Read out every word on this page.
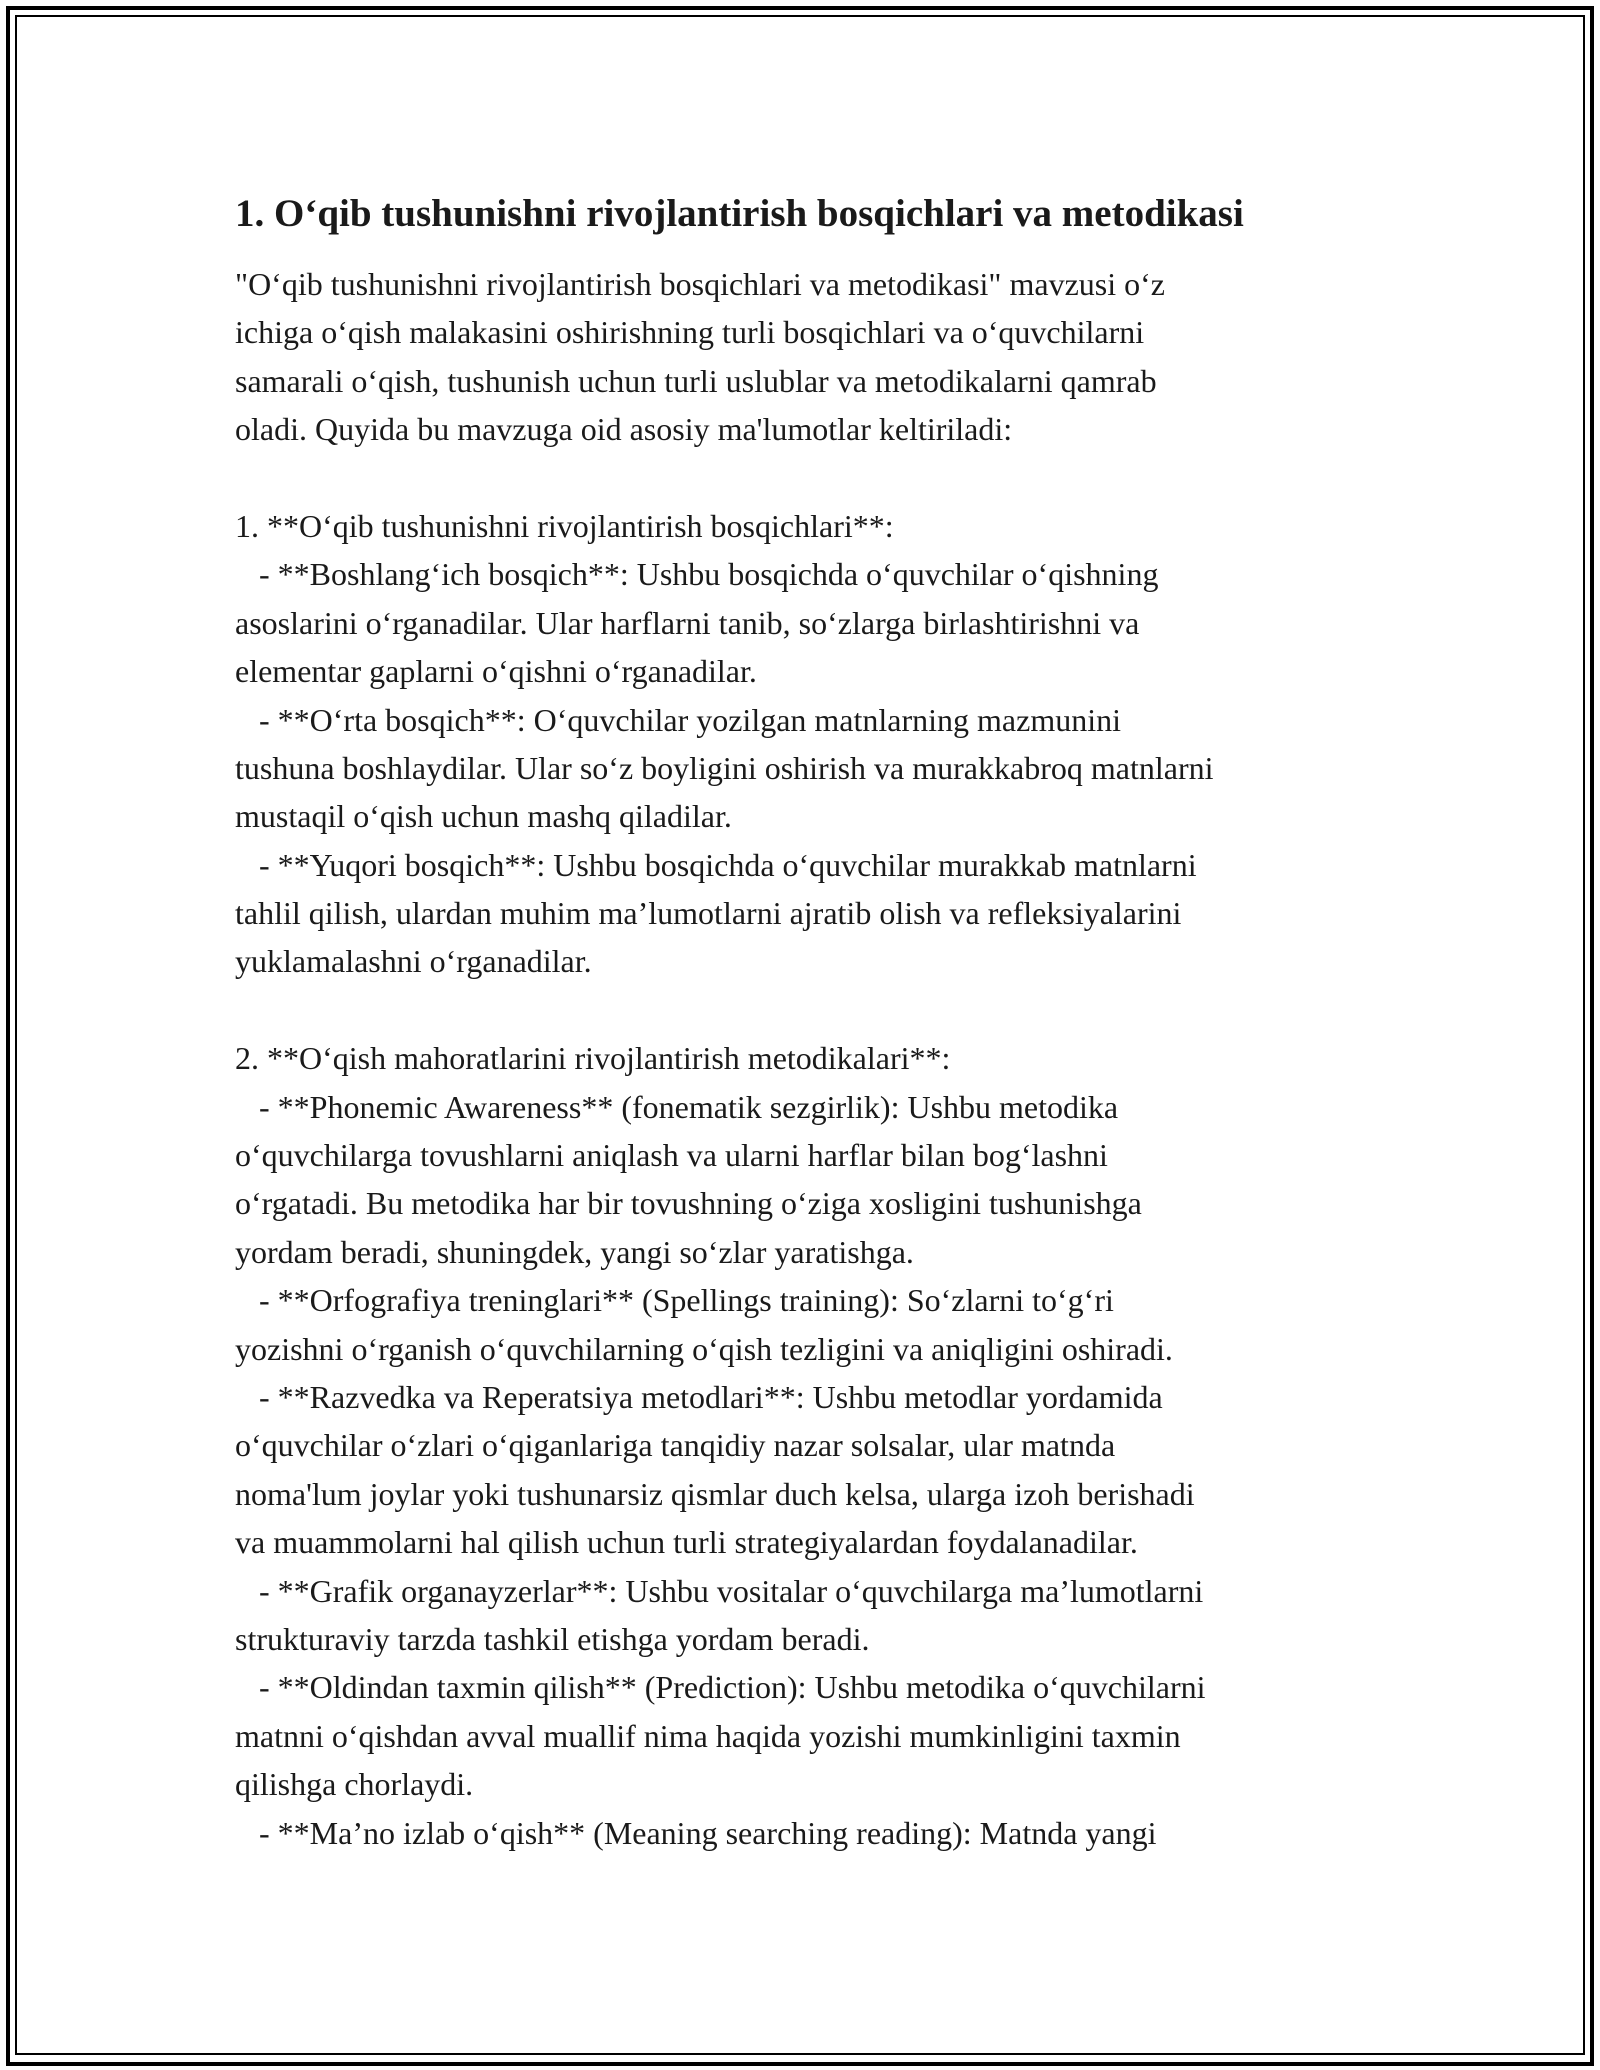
1. Oʻqib tushunishni rivojlantirish bosqichlari va metodikasi
"Oʻqib tushunishni rivojlantirish bosqichlari va metodikasi" mavzusi oʻz
ichiga oʻqish malakasini oshirishning turli bosqichlari va oʻquvchilarni
samarali oʻqish, tushunish uchun turli uslublar va metodikalarni qamrab
oladi. Quyida bu mavzuga oid asosiy ma'lumotlar keltiriladi:
1. **Oʻqib tushunishni rivojlantirish bosqichlari**:
- **Boshlangʻich bosqich**: Ushbu bosqichda oʻquvchilar oʻqishning
asoslarini oʻrganadilar. Ular harflarni tanib, soʻzlarga birlashtirishni va
elementar gaplarni oʻqishni oʻrganadilar.
- **Oʻrta bosqich**: Oʻquvchilar yozilgan matnlarning mazmunini
tushuna boshlaydilar. Ular soʻz boyligini oshirish va murakkabroq matnlarni
mustaqil oʻqish uchun mashq qiladilar.
- **Yuqori bosqich**: Ushbu bosqichda oʻquvchilar murakkab matnlarni
tahlil qilish, ulardan muhim maʼlumotlarni ajratib olish va refleksiyalarini
yuklamalashni oʻrganadilar.
2. **Oʻqish mahoratlarini rivojlantirish metodikalari**:
- **Phonemic Awareness** (fonematik sezgirlik): Ushbu metodika
oʻquvchilarga tovushlarni aniqlash va ularni harflar bilan bogʻlashni
oʻrgatadi. Bu metodika har bir tovushning oʻziga xosligini tushunishga
yordam beradi, shuningdek, yangi soʻzlar yaratishga.
- **Orfografiya treninglari** (Spellings training): Soʻzlarni toʻgʻri
yozishni oʻrganish oʻquvchilarning oʻqish tezligini va aniqligini oshiradi.
- **Razvedka va Reperatsiya metodlari**: Ushbu metodlar yordamida
oʻquvchilar oʻzlari oʻqiganlariga tanqidiy nazar solsalar, ular matnda
noma'lum joylar yoki tushunarsiz qismlar duch kelsa, ularga izoh berishadi
va muammolarni hal qilish uchun turli strategiyalardan foydalanadilar.
- **Grafik organayzerlar**: Ushbu vositalar oʻquvchilarga maʼlumotlarni
strukturaviy tarzda tashkil etishga yordam beradi.
- **Oldindan taxmin qilish** (Prediction): Ushbu metodika oʻquvchilarni
matnni oʻqishdan avval muallif nima haqida yozishi mumkinligini taxmin
qilishga chorlaydi.
- **Maʼno izlab oʻqish** (Meaning searching reading): Matnda yangi
